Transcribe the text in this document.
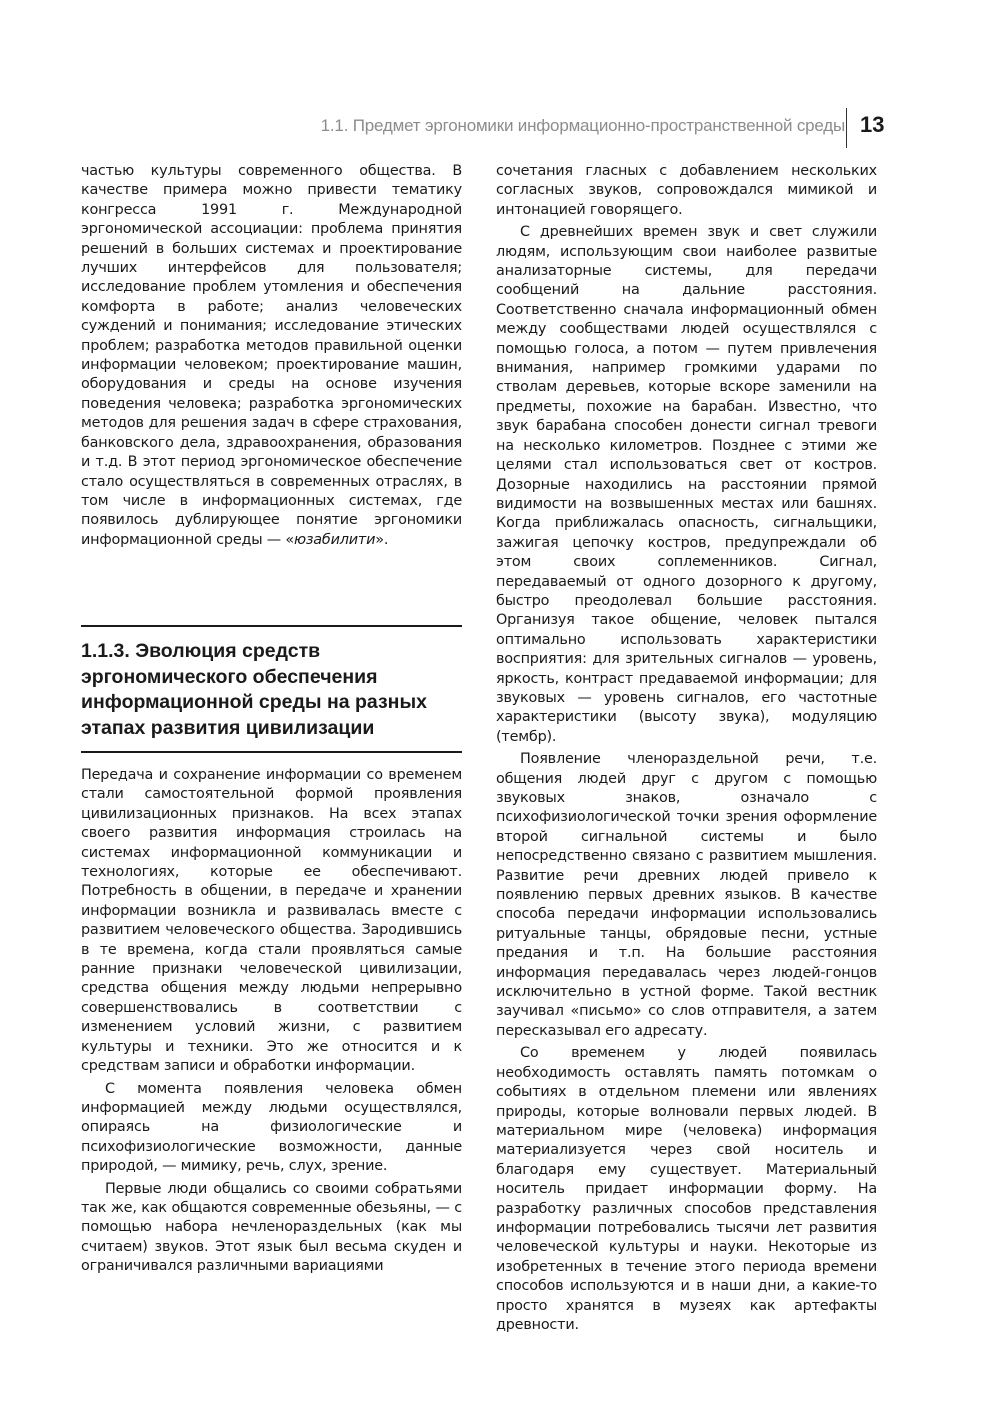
1.1. Предмет эргономики информационно-пространственной среды 13

частью культуры современного общества. В качестве примера можно привести тематику конгресса 1991 г. Международной эргономической ассоциации: проблема принятия решений в больших системах и проектирование лучших интерфейсов для пользователя; исследование проблем утомления и обеспечения комфорта в работе; анализ человеческих суждений и понимания; исследование этических проблем; разработка методов правильной оценки информации человеком; проектирование машин, оборудования и среды на основе изучения поведения человека; разработка эргономических методов для решения задач в сфере страхования, банковского дела, здравоохранения, образования и т.д. В этот период эргономическое обеспечение стало осуществляться в современных отраслях, в том числе в информационных системах, где появилось дублирующее понятие эргономики информационной среды — «юзабилити».

1.1.3. Эволюция средств эргономического обеспечения информационной среды на разных этапах развития цивилизации

Передача и сохранение информации со временем стали самостоятельной формой проявления цивилизационных признаков. На всех этапах своего развития информация строилась на системах информационной коммуникации и технологиях, которые ее обеспечивают. Потребность в общении, в передаче и хранении информации возникла и развивалась вместе с развитием человеческого общества. Зародившись в те времена, когда стали проявляться самые ранние признаки человеческой цивилизации, средства общения между людьми непрерывно совершенствовались в соответствии с изменением условий жизни, с развитием культуры и техники. Это же относится и к средствам записи и обработки информации.

С момента появления человека обмен информацией между людьми осуществлялся, опираясь на физиологические и психофизиологические возможности, данные природой, — мимику, речь, слух, зрение.

Первые люди общались со своими собратьями так же, как общаются современные обезьяны, — с помощью набора нечленораздельных (как мы считаем) звуков. Этот язык был весьма скуден и ограничивался различными вариациями

сочетания гласных с добавлением нескольких согласных звуков, сопровождался мимикой и интонацией говорящего.

С древнейших времен звук и свет служили людям, использующим свои наиболее развитые анализаторные системы, для передачи сообщений на дальние расстояния. Соответственно сначала информационный обмен между сообществами людей осуществлялся с помощью голоса, а потом — путем привлечения внимания, например громкими ударами по стволам деревьев, которые вскоре заменили на предметы, похожие на барабан. Известно, что звук барабана способен донести сигнал тревоги на несколько километров. Позднее с этими же целями стал использоваться свет от костров. Дозорные находились на расстоянии прямой видимости на возвышенных местах или башнях. Когда приближалась опасность, сигнальщики, зажигая цепочку костров, предупреждали об этом своих соплеменников. Сигнал, передаваемый от одного дозорного к другому, быстро преодолевал большие расстояния. Организуя такое общение, человек пытался оптимально использовать характеристики восприятия: для зрительных сигналов — уровень, яркость, контраст предаваемой информации; для звуковых — уровень сигналов, его частотные характеристики (высоту звука), модуляцию (тембр).

Появление членораздельной речи, т.е. общения людей друг с другом с помощью звуковых знаков, означало с психофизиологической точки зрения оформление второй сигнальной системы и было непосредственно связано с развитием мышления. Развитие речи древних людей привело к появлению первых древних языков. В качестве способа передачи информации использовались ритуальные танцы, обрядовые песни, устные предания и т.п. На большие расстояния информация передавалась через людей-гонцов исключительно в устной форме. Такой вестник заучивал «письмо» со слов отправителя, а затем пересказывал его адресату.

Со временем у людей появилась необходимость оставлять память потомкам о событиях в отдельном племени или явлениях природы, которые волновали первых людей. В материальном мире (человека) информация материализуется через свой носитель и благодаря ему существует. Материальный носитель придает информации форму. На разработку различных способов представления информации потребовались тысячи лет развития человеческой культуры и науки. Некоторые из изобретенных в течение этого периода времени способов используются и в наши дни, а какие-то просто хранятся в музеях как артефакты древности.
